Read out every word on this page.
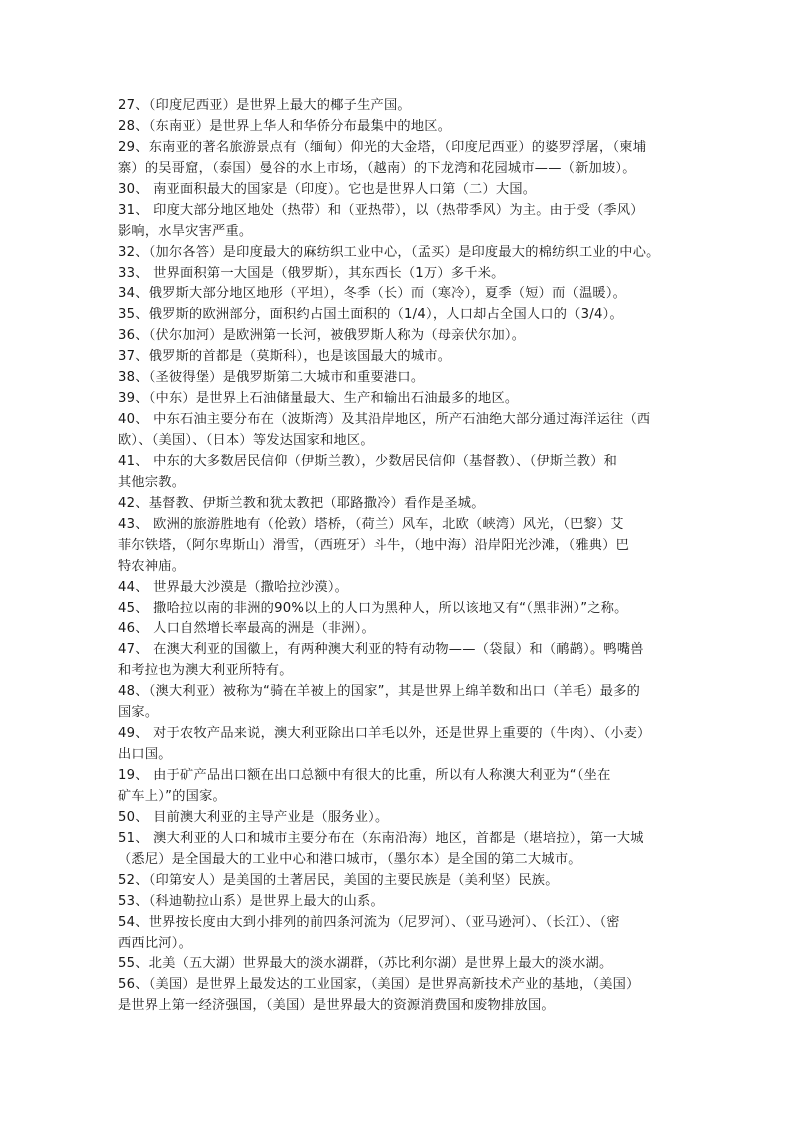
27、（印度尼西亚）是世界上最大的椰子生产国。
28、（东南亚）是世界上华人和华侨分布最集中的地区。
29、东南亚的著名旅游景点有（缅甸）仰光的大金塔，（印度尼西亚）的婆罗浮屠，（柬埔
寨）的吴哥窟，（泰国）曼谷的水上市场，（越南）的下龙湾和花园城市——（新加坡）。
30、 南亚面积最大的国家是（印度）。它也是世界人口第（二）大国。
31、 印度大部分地区地处（热带）和（亚热带），以（热带季风）为主。由于受（季风）
影响，水旱灾害严重。
32、（加尔各答）是印度最大的麻纺织工业中心，（孟买）是印度最大的棉纺织工业的中心。
33、 世界面积第一大国是（俄罗斯），其东西长（1万）多千米。
34、俄罗斯大部分地区地形（平坦），冬季（长）而（寒冷），夏季（短）而（温暖）。
35、俄罗斯的欧洲部分，面积约占国土面积的（1/4），人口却占全国人口的（3/4）。
36、（伏尔加河）是欧洲第一长河，被俄罗斯人称为（母亲伏尔加）。
37、俄罗斯的首都是（莫斯科），也是该国最大的城市。
38、（圣彼得堡）是俄罗斯第二大城市和重要港口。
39、（中东）是世界上石油储量最大、生产和输出石油最多的地区。
40、 中东石油主要分布在（波斯湾）及其沿岸地区，所产石油绝大部分通过海洋运往（西
欧）、（美国）、（日本）等发达国家和地区。
41、 中东的大多数居民信仰（伊斯兰教），少数居民信仰（基督教）、（伊斯兰教）和
其他宗教。
42、基督教、伊斯兰教和犹太教把（耶路撒冷）看作是圣城。
43、 欧洲的旅游胜地有（伦敦）塔桥，（荷兰）风车，北欧（峡湾）风光，（巴黎）艾
菲尔铁塔，（阿尔卑斯山）滑雪，（西班牙）斗牛，（地中海）沿岸阳光沙滩，（雅典）巴
特农神庙。
44、 世界最大沙漠是（撒哈拉沙漠）。
45、 撒哈拉以南的非洲的90%以上的人口为黑种人，所以该地又有“（黑非洲）”之称。
46、 人口自然增长率最高的洲是（非洲）。
47、 在澳大利亚的国徽上，有两种澳大利亚的特有动物——（袋鼠）和（鸸鹋）。鸭嘴兽
和考拉也为澳大利亚所特有。
48、（澳大利亚）被称为“骑在羊被上的国家”，其是世界上绵羊数和出口（羊毛）最多的
国家。
49、 对于农牧产品来说，澳大利亚除出口羊毛以外，还是世界上重要的（牛肉）、（小麦）
出口国。
19、 由于矿产品出口额在出口总额中有很大的比重，所以有人称澳大利亚为“（坐在
矿车上）”的国家。
50、 目前澳大利亚的主导产业是（服务业）。
51、 澳大利亚的人口和城市主要分布在（东南沿海）地区，首都是（堪培拉），第一大城
（悉尼）是全国最大的工业中心和港口城市，（墨尔本）是全国的第二大城市。
52、（印第安人）是美国的土著居民，美国的主要民族是（美利坚）民族。
53、（科迪勒拉山系）是世界上最大的山系。
54、世界按长度由大到小排列的前四条河流为（尼罗河）、（亚马逊河）、（长江）、（密
西西比河）。
55、北美（五大湖）世界最大的淡水湖群，（苏比利尔湖）是世界上最大的淡水湖。
56、（美国）是世界上最发达的工业国家，（美国）是世界高新技术产业的基地，（美国）
是世界上第一经济强国，（美国）是世界最大的资源消费国和废物排放国。
